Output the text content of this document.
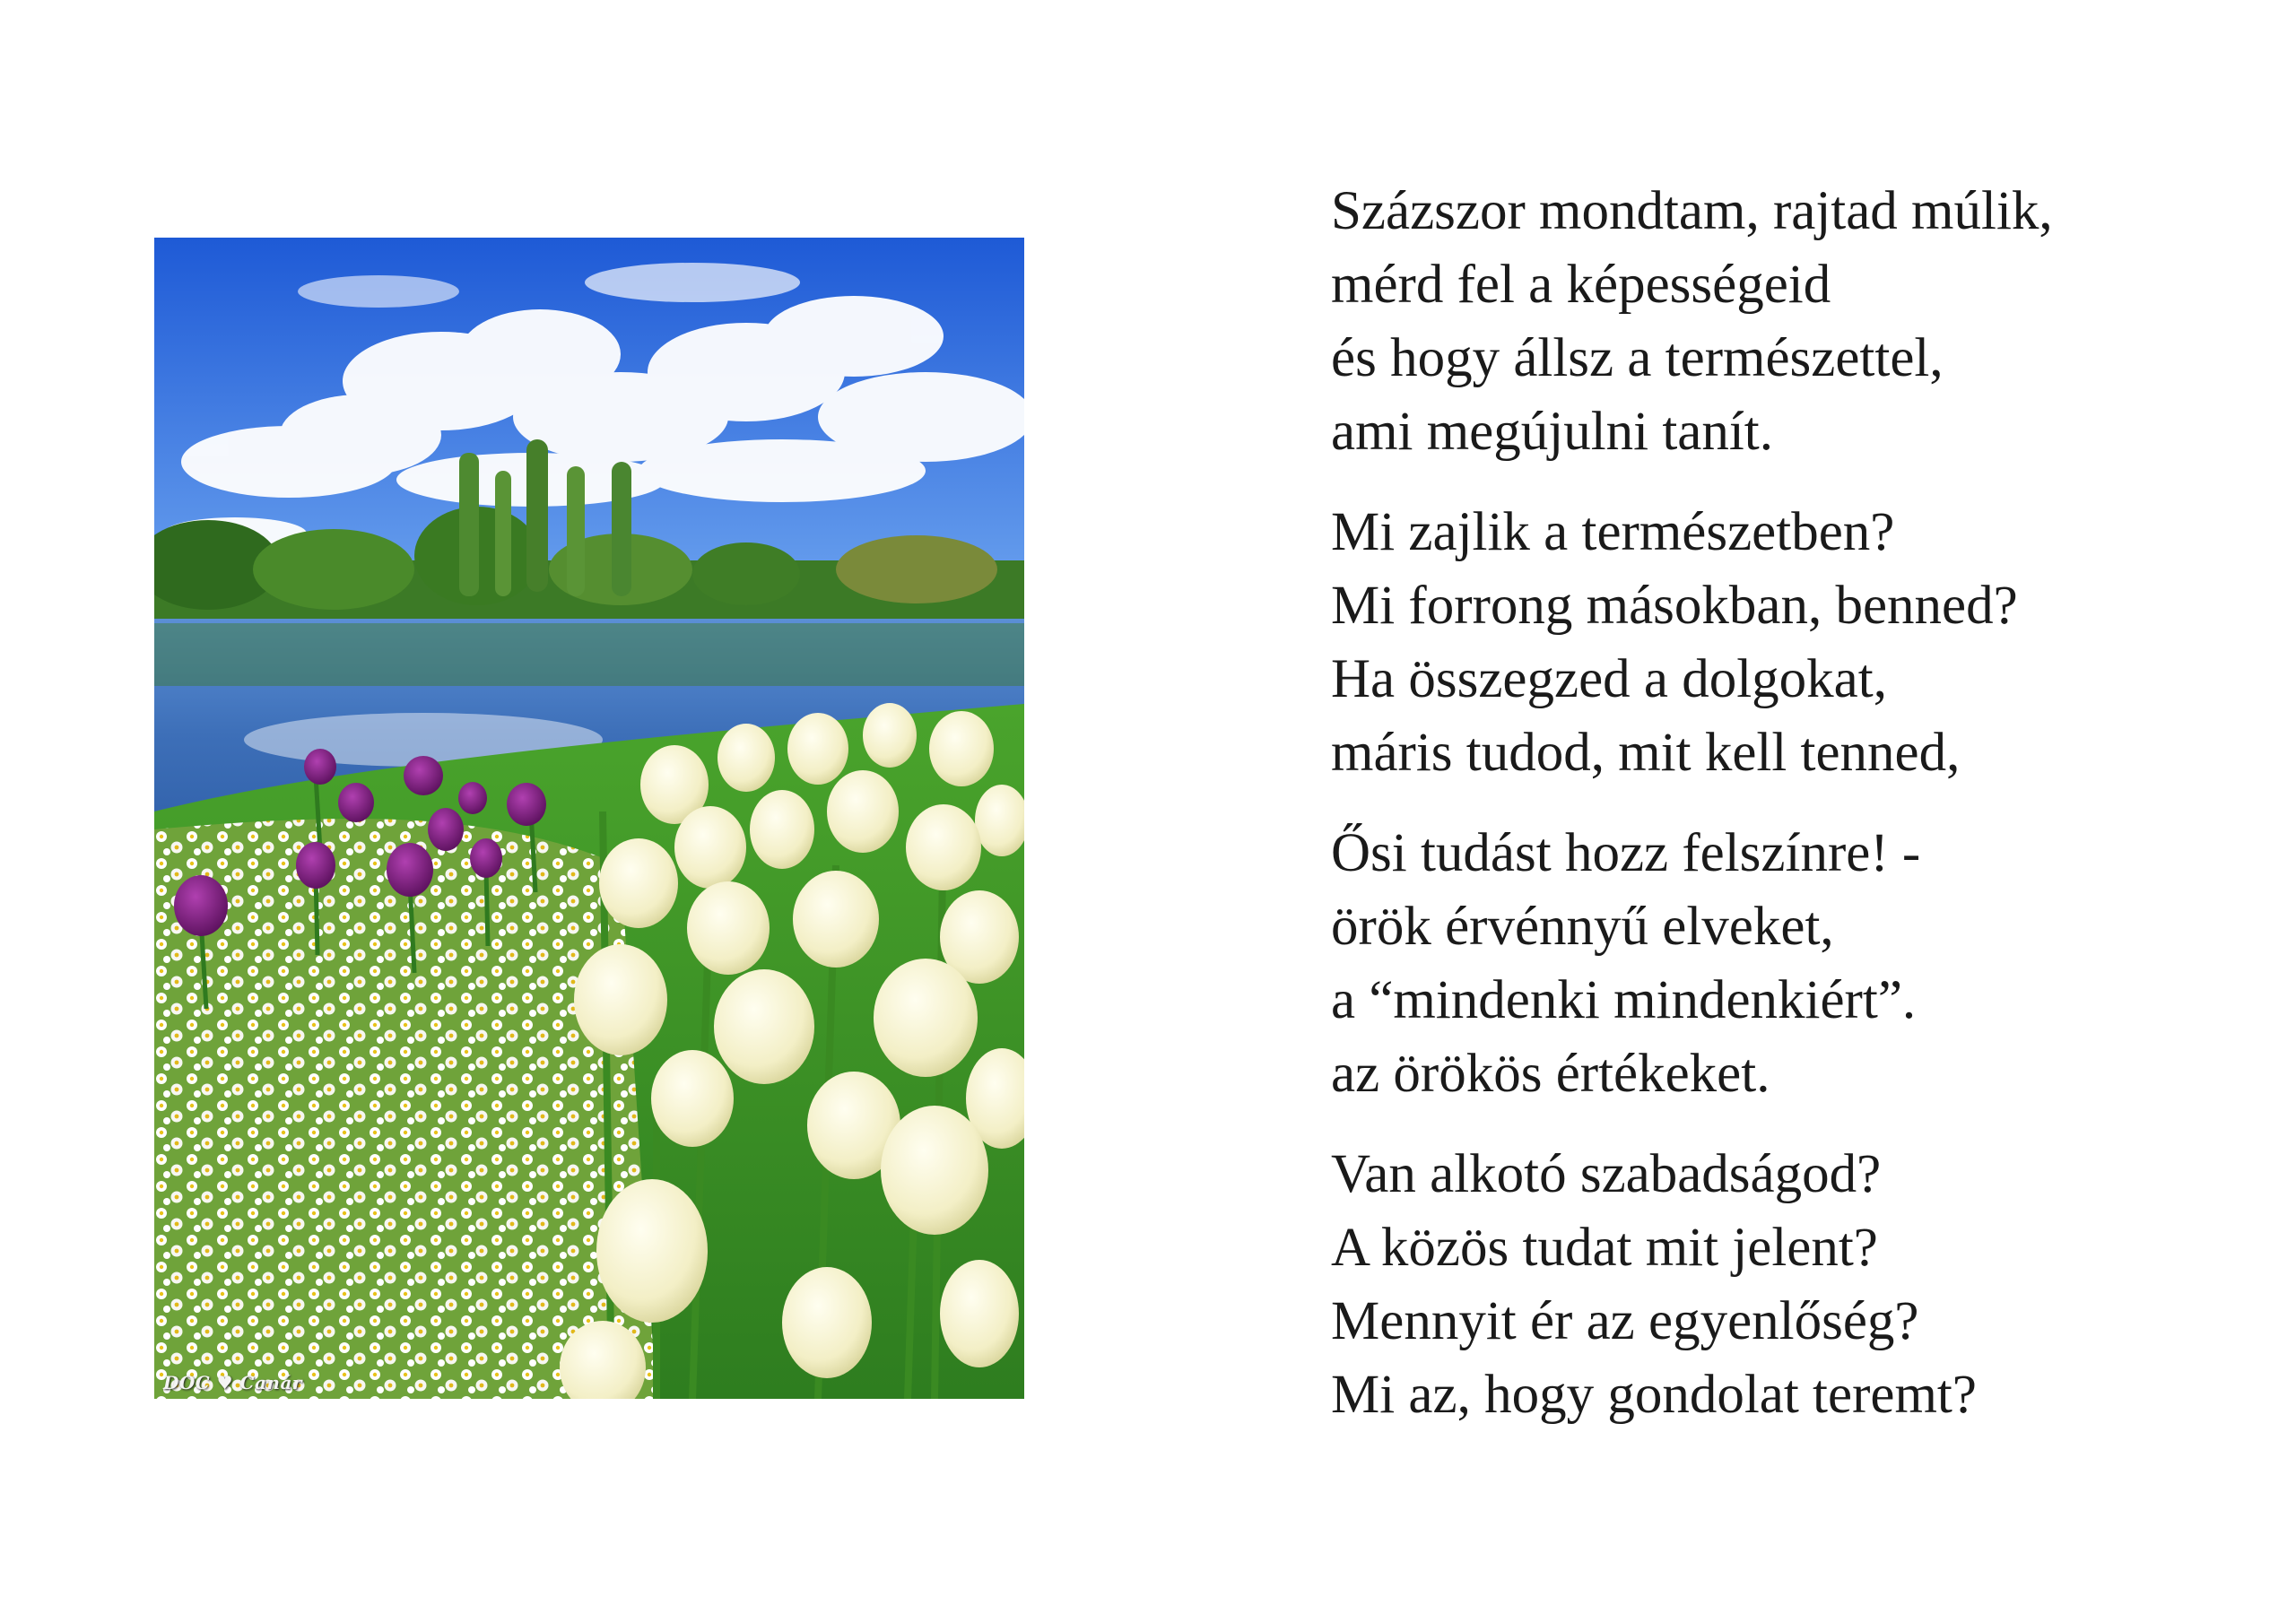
DOC ♥ Canár
Százszor mondtam, rajtad múlik,
mérd fel a képességeid
és hogy állsz a természettel,
ami megújulni tanít.
Mi zajlik a természetben?
Mi forrong másokban, benned?
Ha összegzed a dolgokat,
máris tudod, mit kell tenned,
Ősi tudást hozz felszínre! -
örök érvénnyű elveket,
a “mindenki mindenkiért”.
az örökös értékeket.
Van alkotó szabadságod?
A közös tudat mit jelent?
Mennyit ér az egyenlőség?
Mi az, hogy gondolat teremt?
